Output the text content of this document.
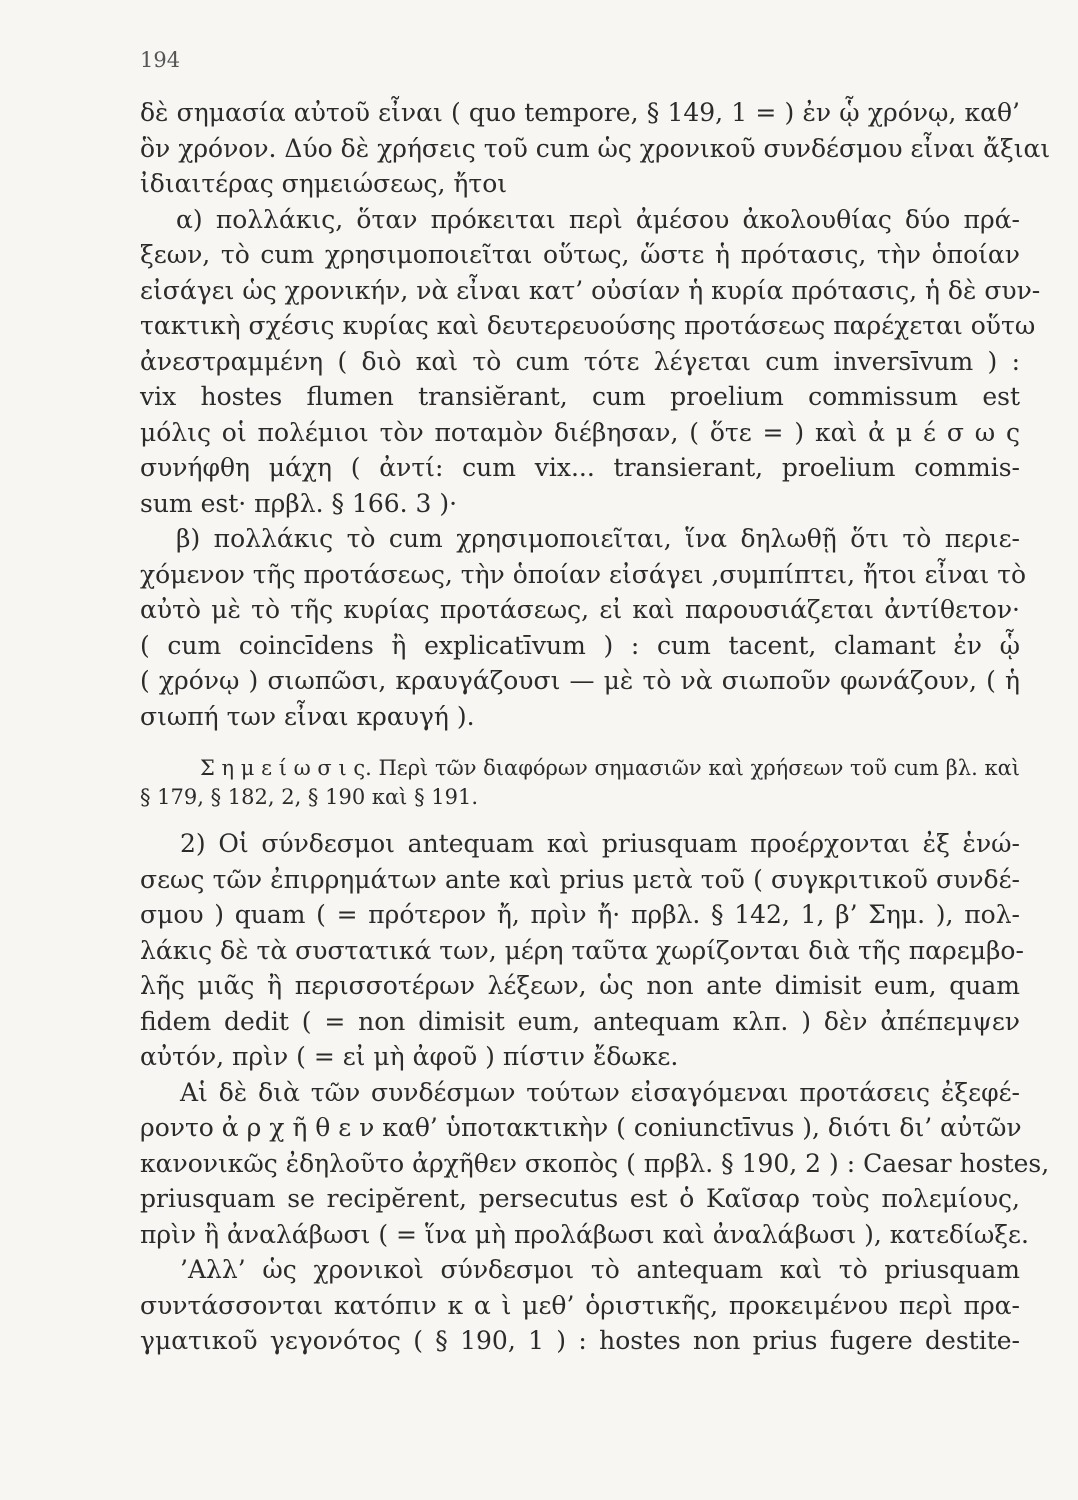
194
δὲ σημασία αὐτοῦ εἶναι ( quo tempore, § 149, 1 = ) ἐν ᾧ χρόνῳ, καθ’
ὃν χρόνον. Δύο δὲ χρήσεις τοῦ cum ὡς χρονικοῦ συνδέσμου εἶναι ἄξιαι
ἰδιαιτέρας σημειώσεως, ἤτοι
α) πολλάκις, ὅταν πρόκειται περὶ ἀμέσου ἀκολουθίας δύο πρά-
ξεων, τὸ cum χρησιμοποιεῖται οὕτως, ὥστε ἡ πρότασις, τὴν ὁποίαν
εἰσάγει ὡς χρονικήν, νὰ εἶναι κατ’ οὐσίαν ἡ κυρία πρότασις, ἡ δὲ συν-
τακτικὴ σχέσις κυρίας καὶ δευτερευούσης προτάσεως παρέχεται οὕτω
ἀνεστραμμένη ( διὸ καὶ τὸ cum τότε λέγεται cum inversīvum ) :
vix hostes flumen transiĕrant, cum proelium commissum est
μόλις οἱ πολέμιοι τὸν ποταμὸν διέβησαν, ( ὅτε = ) καὶ ἀ μ έ σ ω ς
συνήφθη μάχη ( ἀντί: cum vix... transierant, proelium commis-
sum est· πρβλ. § 166. 3 )·
β) πολλάκις τὸ cum χρησιμοποιεῖται, ἵνα δηλωθῇ ὅτι τὸ περιε-
χόμενον τῆς προτάσεως, τὴν ὁποίαν εἰσάγει ,συμπίπτει, ἤτοι εἶναι τὸ
αὐτὸ μὲ τὸ τῆς κυρίας προτάσεως, εἰ καὶ παρουσιάζεται ἀντίθετον·
( cum coincīdens ἢ explicatīvum ) : cum tacent, clamant ἐν ᾧ
( χρόνῳ ) σιωπῶσι, κραυγάζουσι — μὲ τὸ νὰ σιωποῦν φωνάζουν, ( ἡ
σιωπή των εἶναι κραυγή ).
Σ η μ ε ί ω σ ι ς. Περὶ τῶν διαφόρων σημασιῶν καὶ χρήσεων τοῦ cum βλ. καὶ
§ 179, § 182, 2, § 190 καὶ § 191.
2) Οἱ σύνδεσμοι antequam καὶ priusquam προέρχονται ἐξ ἑνώ-
σεως τῶν ἐπιρρημάτων ante καὶ prius μετὰ τοῦ ( συγκριτικοῦ συνδέ-
σμου ) quam ( = πρότερον ἤ, πρὶν ἤ· πρβλ. § 142, 1, β’ Σημ. ), πολ-
λάκις δὲ τὰ συστατικά των, μέρη ταῦτα χωρίζονται διὰ τῆς παρεμβο-
λῆς μιᾶς ἢ περισσοτέρων λέξεων, ὡς non ante dimisit eum, quam
fidem dedit ( = non dimisit eum, antequam κλπ. ) δὲν ἀπέπεμψεν
αὐτόν, πρὶν ( = εἰ μὴ ἀφοῦ ) πίστιν ἔδωκε.
Αἱ δὲ διὰ τῶν συνδέσμων τούτων εἰσαγόμεναι προτάσεις ἐξεφέ-
ροντο ἀ ρ χ ῆ θ ε ν καθ’ ὑποτακτικὴν ( coniunctīvus ), διότι δι’ αὐτῶν
κανονικῶς ἐδηλοῦτο ἀρχῆθεν σκοπὸς ( πρβλ. § 190, 2 ) : Caesar hostes,
priusquam se recipĕrent, persecutus est ὁ Καῖσαρ τοὺς πολεμίους,
πρὶν ἢ ἀναλάβωσι ( = ἵνα μὴ προλάβωσι καὶ ἀναλάβωσι ), κατεδίωξε.
’Αλλ’ ὡς χρονικοὶ σύνδεσμοι τὸ antequam καὶ τὸ priusquam
συντάσσονται κατόπιν κ α ὶ μεθ’ ὁριστικῆς, προκειμένου περὶ πρα-
γματικοῦ γεγονότος ( § 190, 1 ) : hostes non prius fugere destite-
